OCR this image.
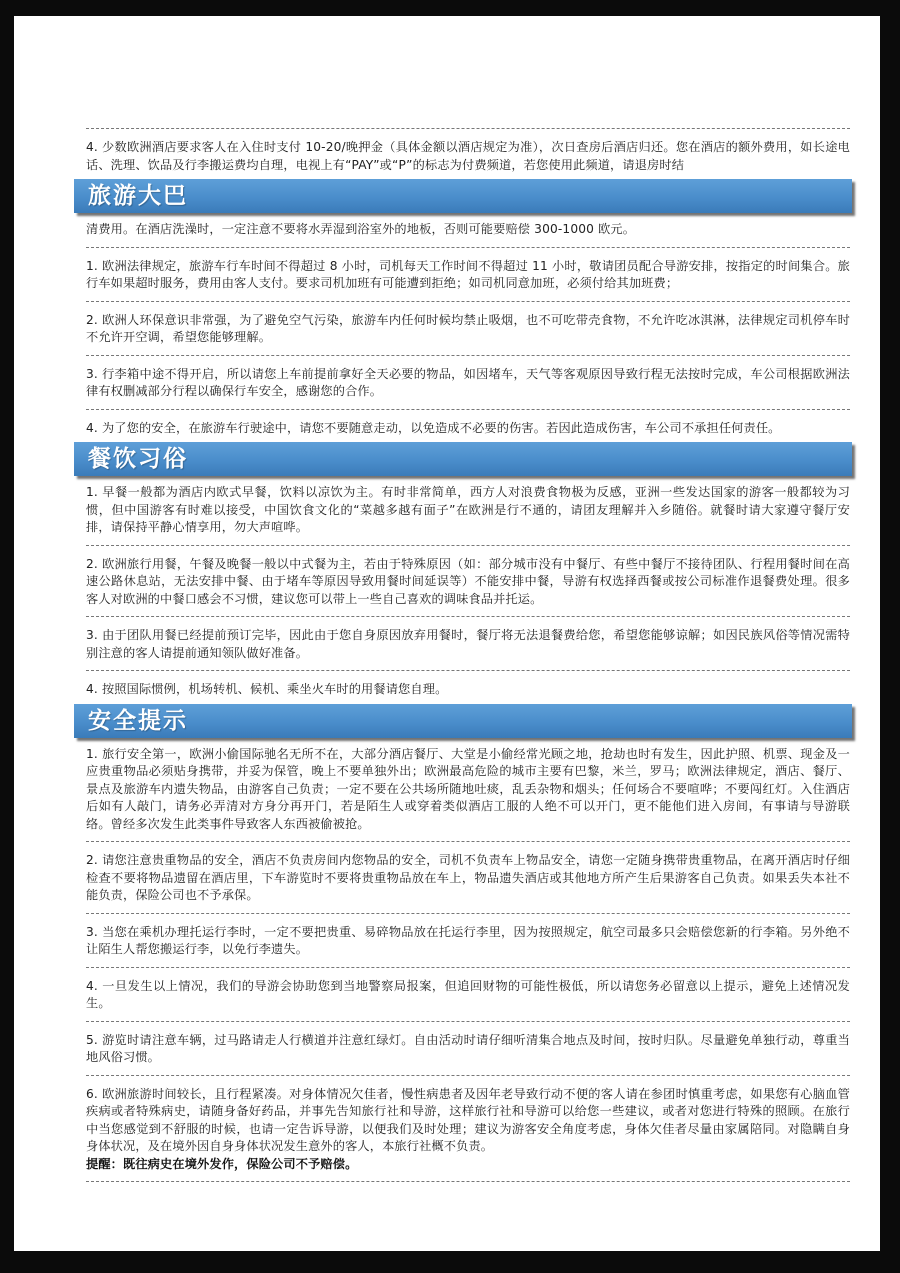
4. 少数欧洲酒店要求客人在入住时支付 10-20/晚押金（具体金额以酒店规定为准），次日查房后酒店归还。您在酒店的额外费用，如长途电话、洗理、饮品及行李搬运费均自理，电视上有“PAY”或“P”的标志为付费频道，若您使用此频道，请退房时结

旅游大巴

清费用。在酒店洗澡时，一定注意不要将水弄湿到浴室外的地板，否则可能要赔偿 300-1000 欧元。

1. 欧洲法律规定，旅游车行车时间不得超过 8 小时，司机每天工作时间不得超过 11 小时，敬请团员配合导游安排，按指定的时间集合。旅行车如果超时服务，费用由客人支付。要求司机加班有可能遭到拒绝；如司机同意加班，必须付给其加班费；

2. 欧洲人环保意识非常强，为了避免空气污染，旅游车内任何时候均禁止吸烟，也不可吃带壳食物，不允许吃冰淇淋，法律规定司机停车时不允许开空调，希望您能够理解。

3. 行李箱中途不得开启，所以请您上车前提前拿好全天必要的物品，如因堵车，天气等客观原因导致行程无法按时完成，车公司根据欧洲法律有权删减部分行程以确保行车安全，感谢您的合作。

4. 为了您的安全，在旅游车行驶途中，请您不要随意走动，以免造成不必要的伤害。若因此造成伤害，车公司不承担任何责任。

餐饮习俗

1. 早餐一般都为酒店内欧式早餐，饮料以凉饮为主。有时非常简单，西方人对浪费食物极为反感，亚洲一些发达国家的游客一般都较为习惯，但中国游客有时难以接受，中国饮食文化的“菜越多越有面子”在欧洲是行不通的，请团友理解并入乡随俗。就餐时请大家遵守餐厅安排，请保持平静心情享用，勿大声喧哗。

2. 欧洲旅行用餐，午餐及晚餐一般以中式餐为主，若由于特殊原因（如：部分城市没有中餐厅、有些中餐厅不接待团队、行程用餐时间在高速公路休息站，无法安排中餐、由于堵车等原因导致用餐时间延误等）不能安排中餐，导游有权选择西餐或按公司标准作退餐费处理。很多客人对欧洲的中餐口感会不习惯，建议您可以带上一些自己喜欢的调味食品并托运。

3. 由于团队用餐已经提前预订完毕，因此由于您自身原因放弃用餐时，餐厅将无法退餐费给您，希望您能够谅解；如因民族风俗等情况需特别注意的客人请提前通知领队做好准备。

4. 按照国际惯例，机场转机、候机、乘坐火车时的用餐请您自理。

安全提示

1. 旅行安全第一，欧洲小偷国际驰名无所不在，大部分酒店餐厅、大堂是小偷经常光顾之地，抢劫也时有发生，因此护照、机票、现金及一应贵重物品必须贴身携带，并妥为保管，晚上不要单独外出；欧洲最高危险的城市主要有巴黎，米兰，罗马；欧洲法律规定，酒店、餐厅、景点及旅游车内遗失物品，由游客自己负责；一定不要在公共场所随地吐痰，乱丢杂物和烟头；任何场合不要喧哗；不要闯红灯。入住酒店后如有人敲门，请务必弄清对方身分再开门，若是陌生人或穿着类似酒店工服的人绝不可以开门，更不能他们进入房间，有事请与导游联络。曾经多次发生此类事件导致客人东西被偷被抢。

2. 请您注意贵重物品的安全，酒店不负责房间内您物品的安全，司机不负责车上物品安全，请您一定随身携带贵重物品，在离开酒店时仔细检查不要将物品遗留在酒店里，下车游览时不要将贵重物品放在车上，物品遗失酒店或其他地方所产生后果游客自己负责。如果丢失本社不能负责，保险公司也不予承保。

3. 当您在乘机办理托运行李时，一定不要把贵重、易碎物品放在托运行李里，因为按照规定，航空司最多只会赔偿您新的行李箱。另外绝不让陌生人帮您搬运行李，以免行李遗失。

4. 一旦发生以上情况，我们的导游会协助您到当地警察局报案，但追回财物的可能性极低，所以请您务必留意以上提示，避免上述情况发生。

5. 游览时请注意车辆，过马路请走人行横道并注意红绿灯。自由活动时请仔细听清集合地点及时间，按时归队。尽量避免单独行动，尊重当地风俗习惯。

6. 欧洲旅游时间较长，且行程紧凑。对身体情况欠佳者，慢性病患者及因年老导致行动不便的客人请在参团时慎重考虑，如果您有心脑血管疾病或者特殊病史，请随身备好药品，并事先告知旅行社和导游，这样旅行社和导游可以给您一些建议，或者对您进行特殊的照顾。在旅行中当您感觉到不舒服的时候，也请一定告诉导游，以便我们及时处理；建议为游客安全角度考虑，身体欠佳者尽量由家属陪同。对隐瞒自身身体状况，及在境外因自身身体状况发生意外的客人，本旅行社概不负责。

提醒：既往病史在境外发作，保险公司不予赔偿。
